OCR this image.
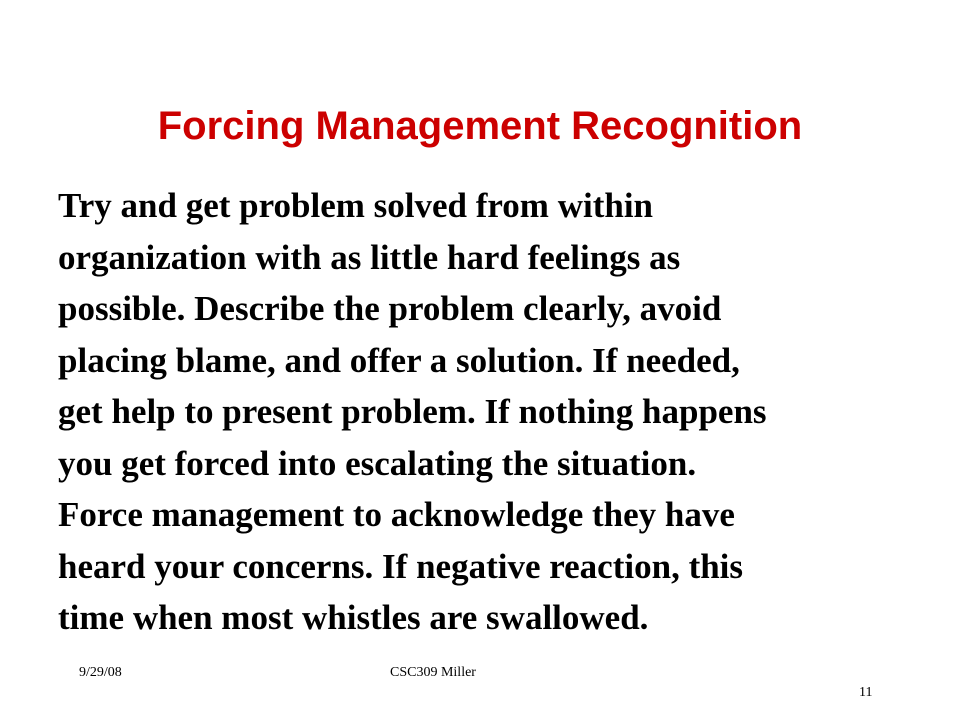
Forcing Management Recognition
Try and get problem solved from within
organization with as little hard feelings as
possible. Describe the problem clearly, avoid
placing blame, and offer a solution. If needed,
get help to present problem. If nothing happens
you get forced into escalating the situation.
Force management to acknowledge they have
heard your concerns. If negative reaction, this
time when most whistles are swallowed.
9/29/08	CSC309 Miller
11
